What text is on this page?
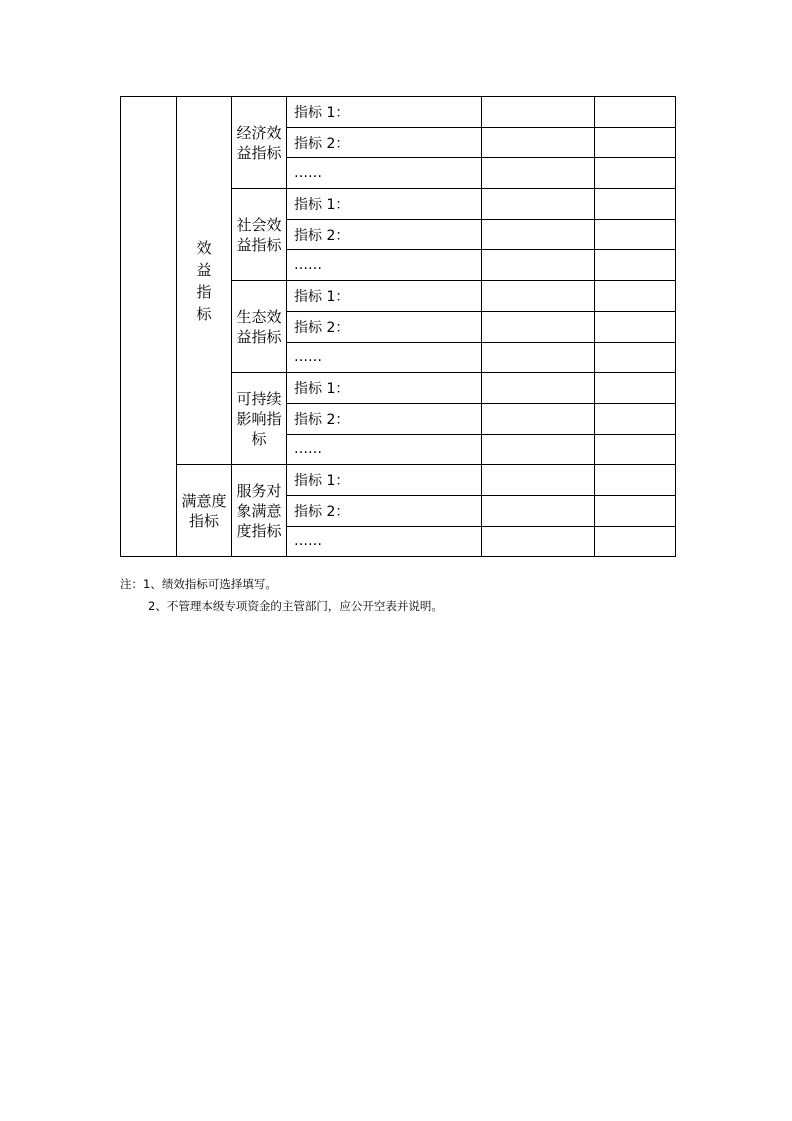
	效益指标	经济效益指标	指标 1：		
			指标 2：		
			……		
		社会效益指标	指标 1：		
			指标 2：		
			……		
		生态效益指标	指标 1：		
			指标 2：		
			……		
		可持续影响指标	指标 1：		
			指标 2：		
			……		
	满意度指标	服务对象满意度指标	指标 1：		
			指标 2：		
			……		
注：1、绩效指标可选择填写。
2、不管理本级专项资金的主管部门，应公开空表并说明。
